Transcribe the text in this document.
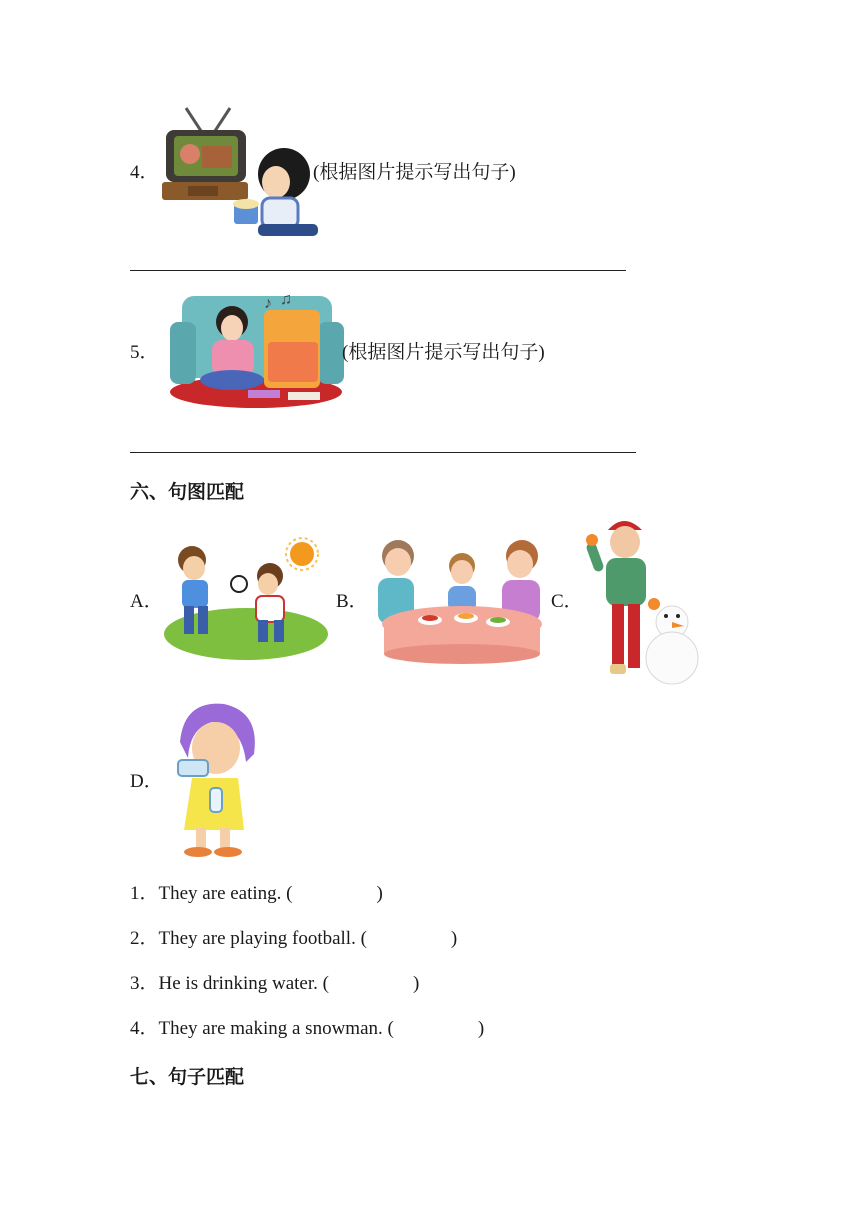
4．	(根据图片提示写出句子)
5．
♪ ♫
(根据图片提示写出句子)
六、句图匹配
A．	B．	C．
D．
1．They are eating. (	)
2．They are playing football. (	)
3．He is drinking water. (	)
4．They are making a snowman. (	)
七、句子匹配
